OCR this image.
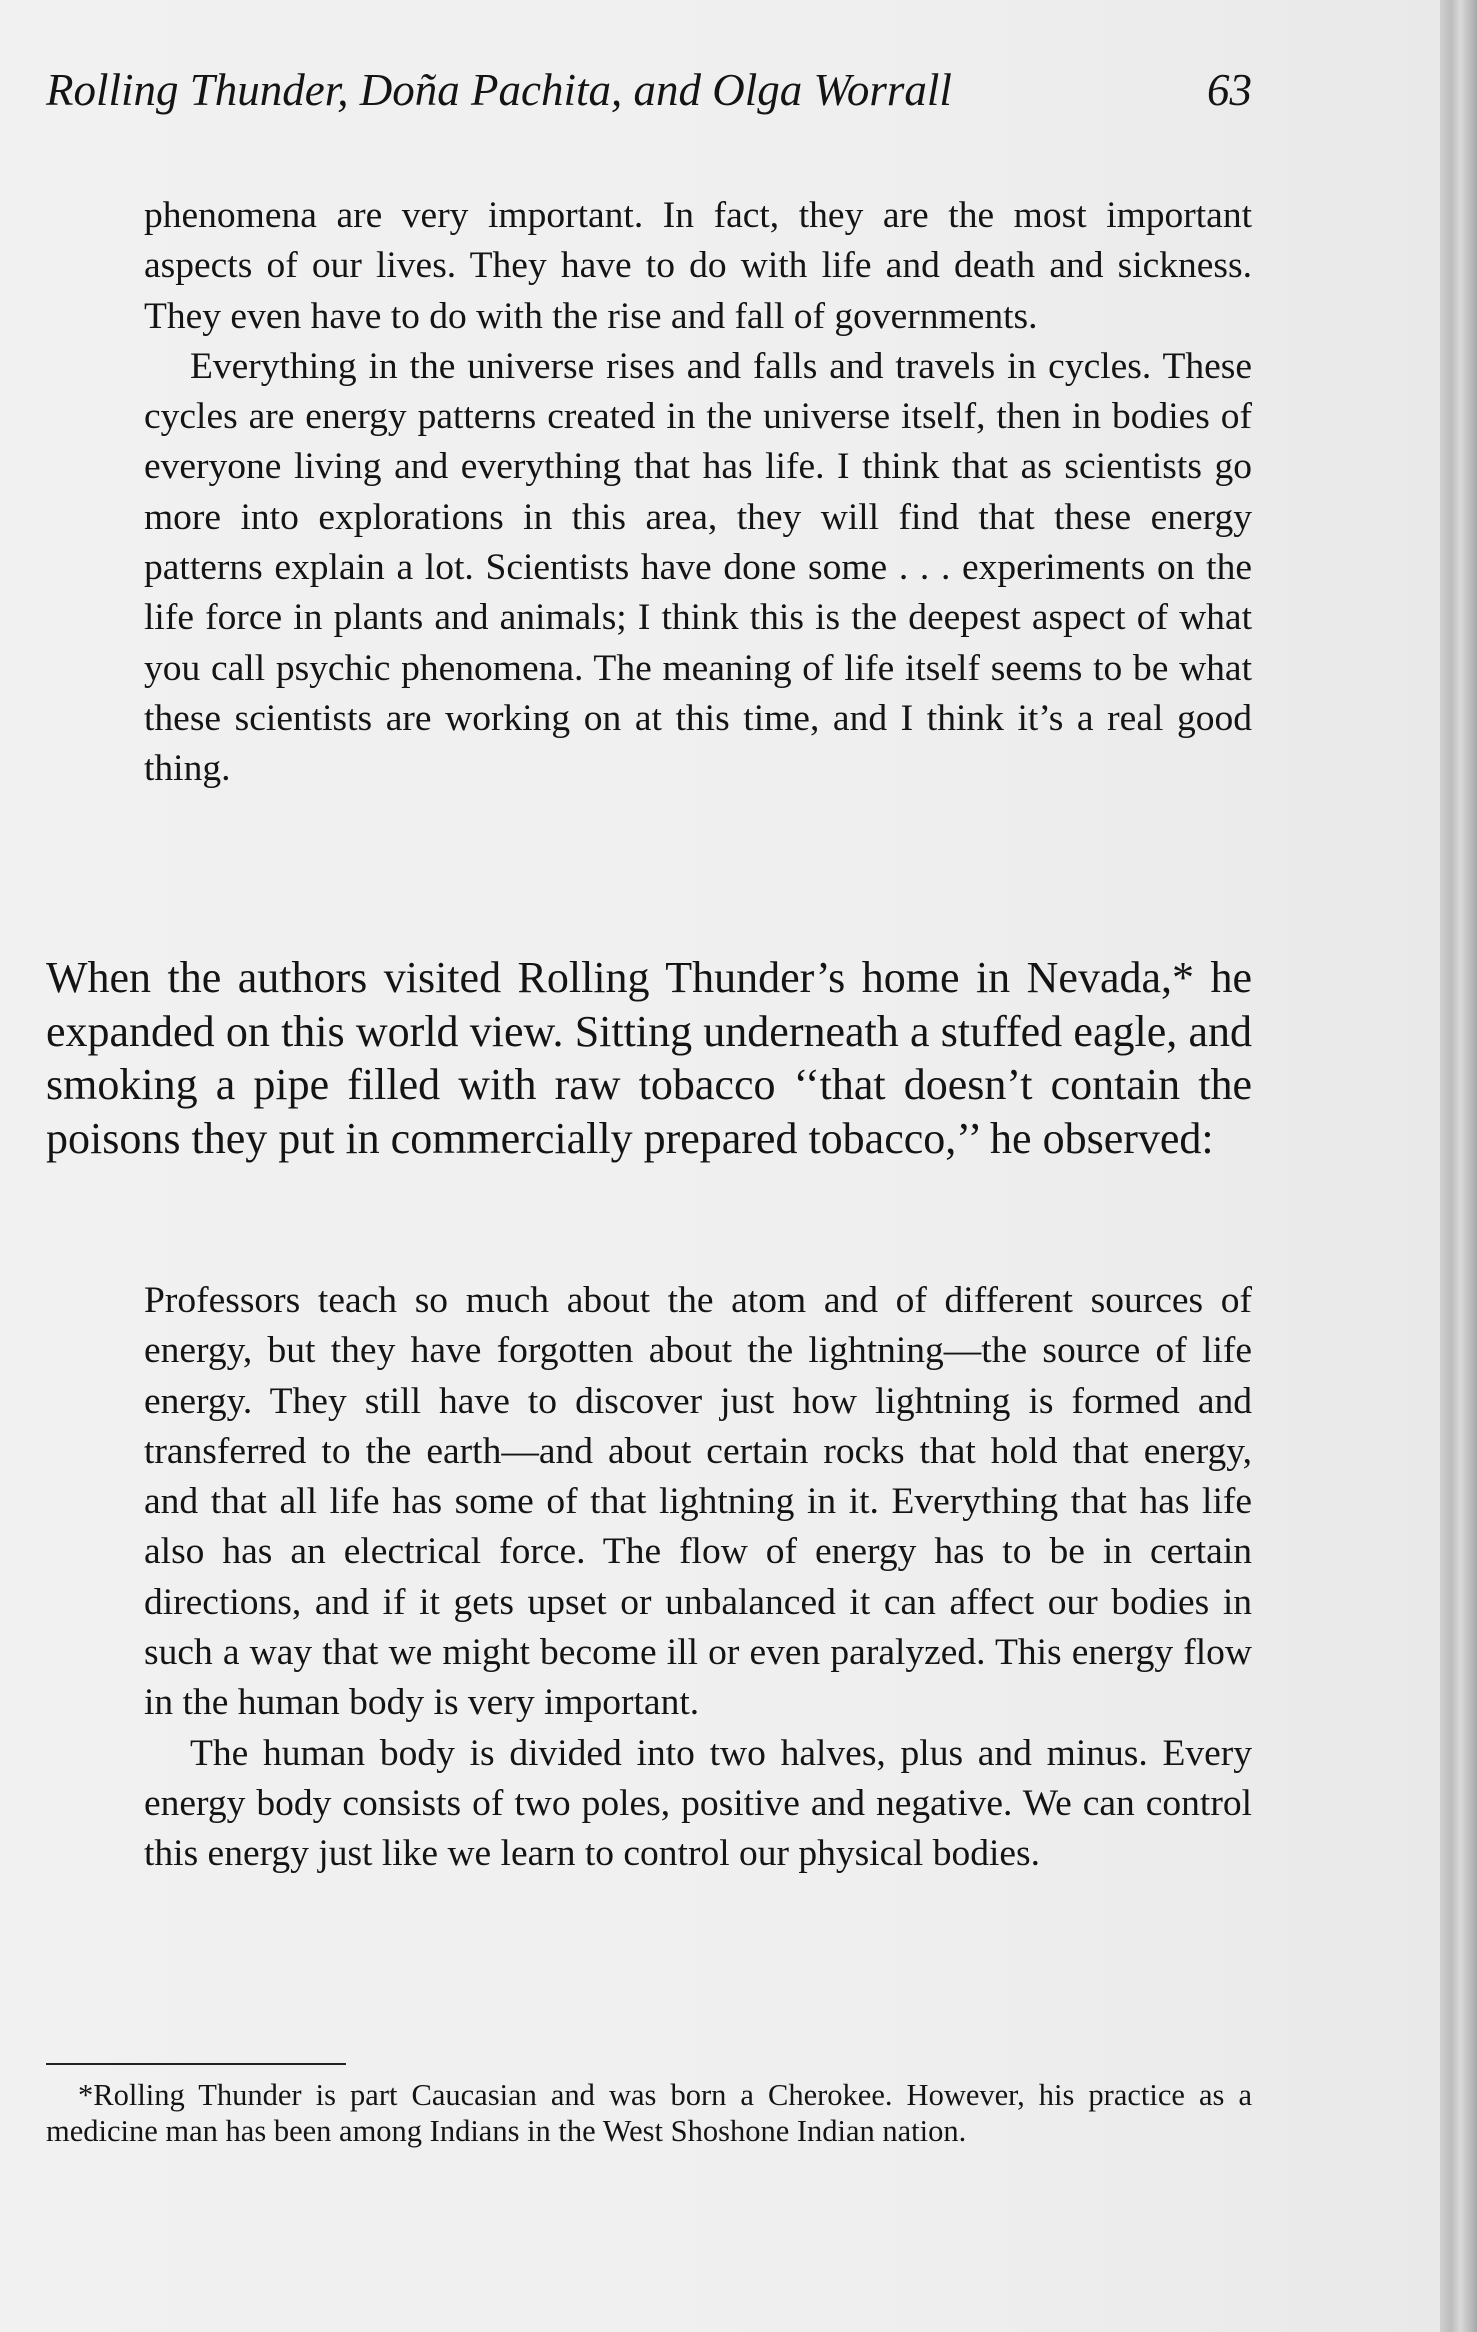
Rolling Thunder, Doña Pachita, and Olga Worrall	63

phenomena are very important. In fact, they are the most important aspects of our lives. They have to do with life and death and sickness. They even have to do with the rise and fall of governments.

Everything in the universe rises and falls and travels in cycles. These cycles are energy patterns created in the universe itself, then in bodies of everyone living and everything that has life. I think that as scientists go more into explorations in this area, they will find that these energy patterns explain a lot. Scientists have done some . . . experiments on the life force in plants and animals; I think this is the deepest aspect of what you call psychic phenomena. The meaning of life itself seems to be what these scientists are working on at this time, and I think it’s a real good thing.

When the authors visited Rolling Thunder’s home in Nevada,* he expanded on this world view. Sitting underneath a stuffed eagle, and smoking a pipe filled with raw tobacco ‘‘that doesn’t contain the poisons they put in commercially prepared tobacco,’’ he observed:

Professors teach so much about the atom and of different sources of energy, but they have forgotten about the lightning—the source of life energy. They still have to discover just how lightning is formed and transferred to the earth—and about certain rocks that hold that energy, and that all life has some of that lightning in it. Everything that has life also has an electrical force. The flow of energy has to be in certain directions, and if it gets upset or unbalanced it can affect our bodies in such a way that we might become ill or even paralyzed. This energy flow in the human body is very important.

The human body is divided into two halves, plus and minus. Every energy body consists of two poles, positive and negative. We can control this energy just like we learn to control our physical bodies.

*Rolling Thunder is part Caucasian and was born a Cherokee. However, his practice as a medicine man has been among Indians in the West Shoshone Indian nation.
